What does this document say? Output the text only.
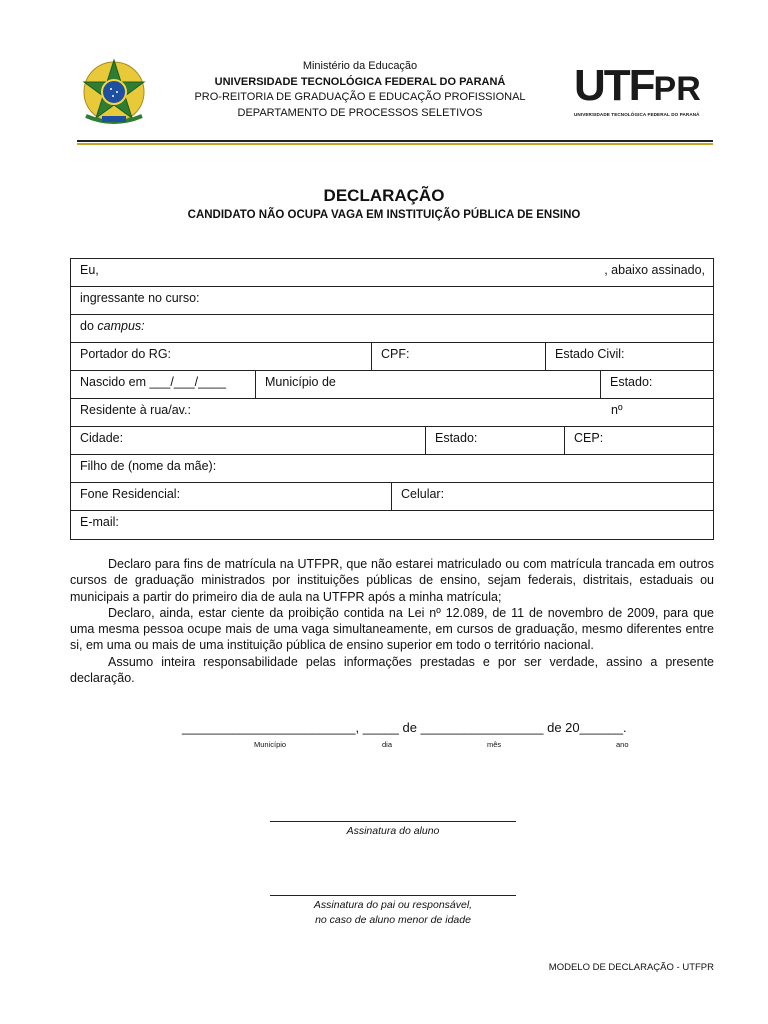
Ministério da Educação
UNIVERSIDADE TECNOLÓGICA FEDERAL DO PARANÁ
PRO-REITORIA DE GRADUAÇÃO E EDUCAÇÃO PROFISSIONAL
DEPARTAMENTO DE PROCESSOS SELETIVOS
UTFPR
UNIVERSIDADE TECNOLÓGICA FEDERAL DO PARANÁ
DECLARAÇÃO
CANDIDATO NÃO OCUPA VAGA EM INSTITUIÇÃO PÚBLICA DE ENSINO
Eu,	, abaixo assinado,
ingressante no curso:
do campus:
Portador do RG:	CPF:	Estado Civil:
Nascido em ___/___/____	Município de	Estado:
Residente à rua/av.:	nº
Cidade:	Estado:	CEP:
Filho de (nome da mãe):
Fone Residencial:	Celular:
E-mail:

Declaro para fins de matrícula na UTFPR, que não estarei matriculado ou com matrícula trancada em outros cursos de graduação ministrados por instituições públicas de ensino, sejam federais, distritais, estaduais ou municipais a partir do primeiro dia de aula na UTFPR após a minha matrícula;

Declaro, ainda, estar ciente da proibição contida na Lei nº 12.089, de 11 de novembro de 2009, para que uma mesma pessoa ocupe mais de uma vaga simultaneamente, em cursos de graduação, mesmo diferentes entre si, em uma ou mais de uma instituição pública de ensino superior em todo o território nacional.

Assumo inteira responsabilidade pelas informações prestadas e por ser verdade, assino a presente declaração.

________________________, _____ de _________________ de 20______.
Município	dia	mês	ano
Assinatura do aluno
Assinatura do pai ou responsável,
no caso de aluno menor de idade
MODELO DE DECLARAÇÃO - UTFPR
